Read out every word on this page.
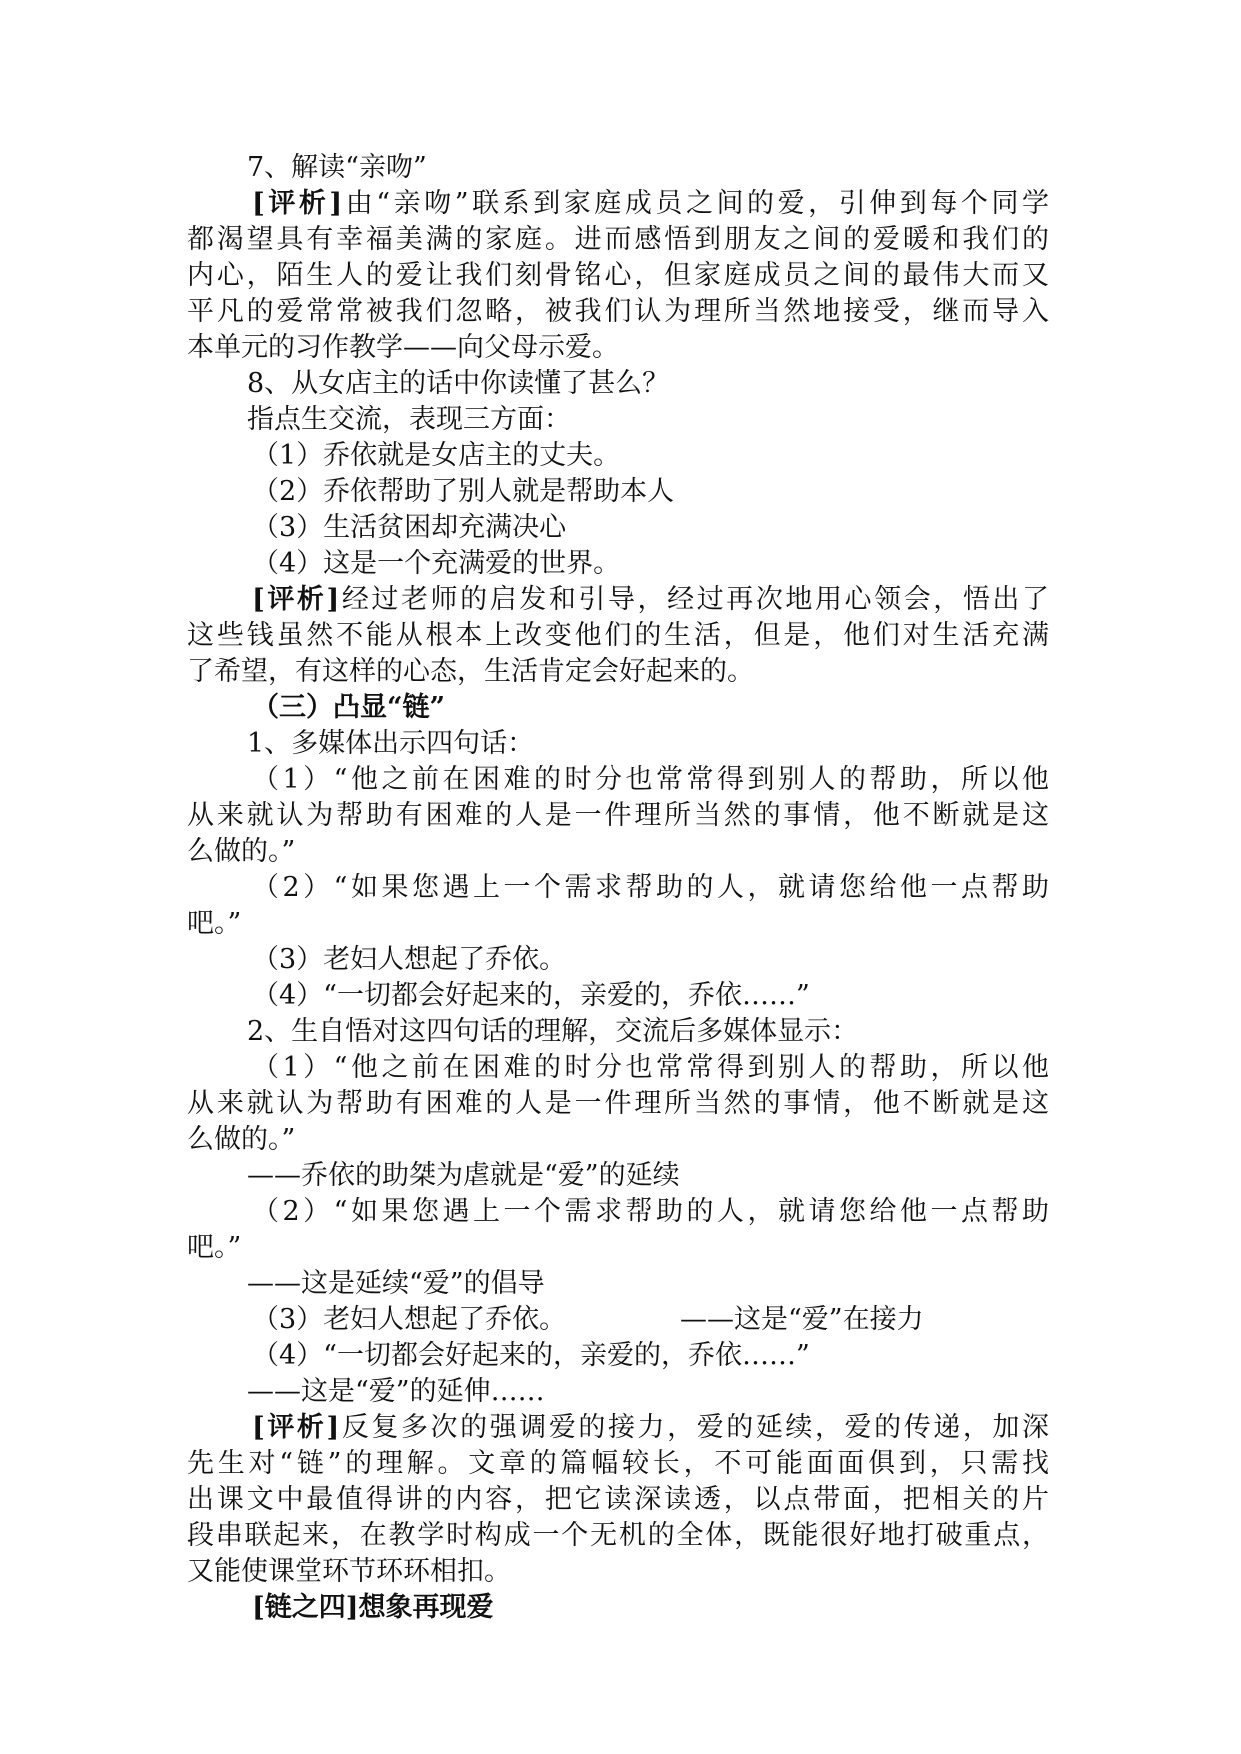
7、解读“亲吻”
[评析]由“亲吻”联系到家庭成员之间的爱，引伸到每个同学
都渴望具有幸福美满的家庭。进而感悟到朋友之间的爱暖和我们的
内心，陌生人的爱让我们刻骨铭心，但家庭成员之间的最伟大而又
平凡的爱常常被我们忽略，被我们认为理所当然地接受，继而导入
本单元的习作教学——向父母示爱。
8、从女店主的话中你读懂了甚么？
指点生交流，表现三方面：
（1）乔依就是女店主的丈夫。
（2）乔依帮助了别人就是帮助本人
（3）生活贫困却充满决心
（4）这是一个充满爱的世界。
[评析]经过老师的启发和引导，经过再次地用心领会，悟出了
这些钱虽然不能从根本上改变他们的生活，但是，他们对生活充满
了希望，有这样的心态，生活肯定会好起来的。
（三）凸显“链”
1、多媒体出示四句话：
（1）“他之前在困难的时分也常常得到别人的帮助，所以他
从来就认为帮助有困难的人是一件理所当然的事情，他不断就是这
么做的。”
（2）“如果您遇上一个需求帮助的人，就请您给他一点帮助
吧。”
（3）老妇人想起了乔依。
（4）“一切都会好起来的，亲爱的，乔依……”
2、生自悟对这四句话的理解，交流后多媒体显示：
（1）“他之前在困难的时分也常常得到别人的帮助，所以他
从来就认为帮助有困难的人是一件理所当然的事情，他不断就是这
么做的。”
——乔依的助桀为虐就是“爱”的延续
（2）“如果您遇上一个需求帮助的人，就请您给他一点帮助
吧。”
——这是延续“爱”的倡导
（3）老妇人想起了乔依。	——这是“爱”在接力
（4）“一切都会好起来的，亲爱的，乔依……”
——这是“爱”的延伸……
[评析]反复多次的强调爱的接力，爱的延续，爱的传递，加深
先生对“链”的理解。文章的篇幅较长，不可能面面俱到，只需找
出课文中最值得讲的内容，把它读深读透，以点带面，把相关的片
段串联起来，在教学时构成一个无机的全体，既能很好地打破重点，
又能使课堂环节环环相扣。
[链之四]想象再现爱
